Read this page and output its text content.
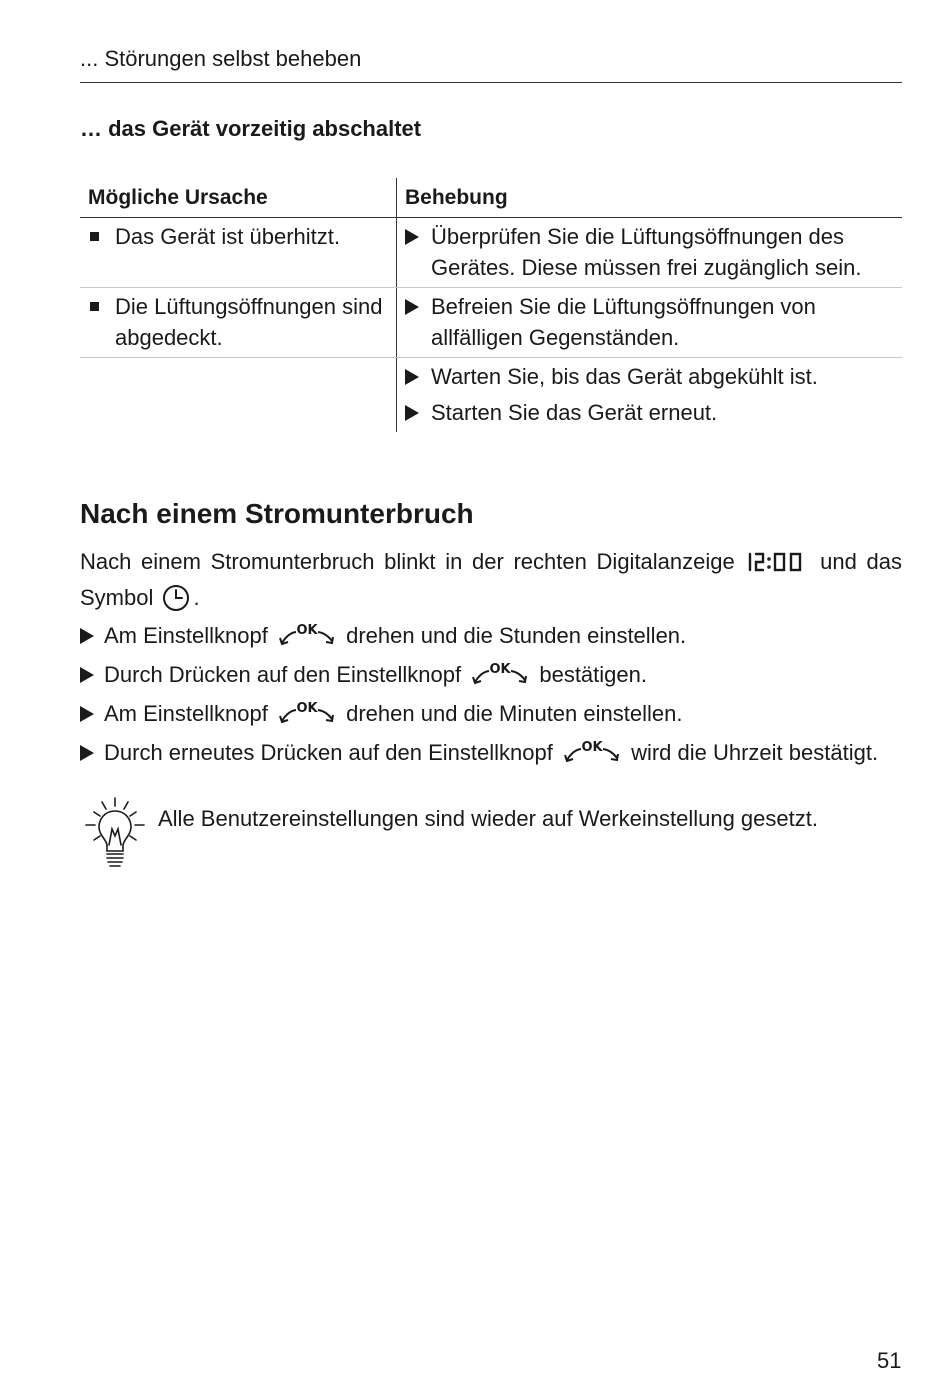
... Störungen selbst beheben
… das Gerät vorzeitig abschaltet
Mögliche Ursache	Behebung

Das Gerät ist überhitzt.	Überprüfen Sie die Lüftungsöffnungen des Gerätes. Diese müssen frei zugänglich sein.

Die Lüftungsöffnungen sind abgedeckt.	Befreien Sie die Lüftungsöffnungen von allfälligen Gegenständen.

	Warten Sie, bis das Gerät abgekühlt ist.
Starten Sie das Gerät erneut.
Nach einem Stromunterbruch
Nach einem Stromunterbruch blinkt in der rechten Digitalanzeige	und das Symbol .
Am Einstellknopf OK drehen und die Stunden einstellen.
Durch Drücken auf den Einstellknopf OK bestätigen.
Am Einstellknopf OK drehen und die Minuten einstellen.
Durch erneutes Drücken auf den Einstellknopf OK wird die Uhrzeit bestätigt.
Alle Benutzereinstellungen sind wieder auf Werkeinstellung gesetzt.
51
